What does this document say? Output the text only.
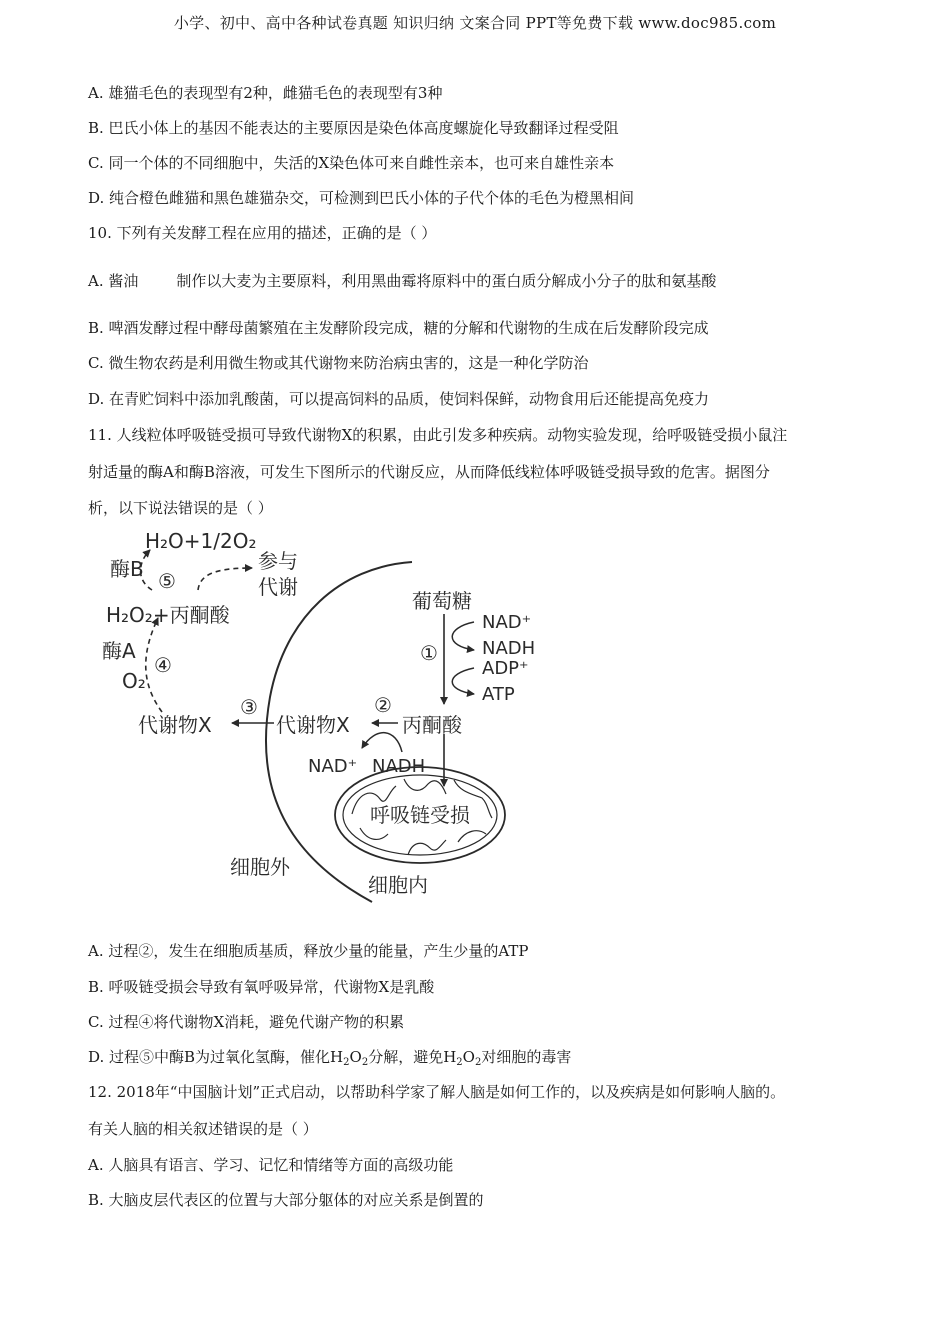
小学、初中、高中各种试卷真题 知识归纳 文案合同 PPT等免费下载 www.doc985.com
A. 雄猫毛色的表现型有2种，雌猫毛色的表现型有3种
B. 巴氏小体上的基因不能表达的主要原因是染色体高度螺旋化导致翻译过程受阻
C. 同一个体的不同细胞中，失活的X染色体可来自雌性亲本，也可来自雄性亲本
D. 纯合橙色雌猫和黑色雄猫杂交，可检测到巴氏小体的子代个体的毛色为橙黑相间
10. 下列有关发酵工程在应用的描述，正确的是（ ）
A. 酱油	制作以大麦为主要原料，利用黑曲霉将原料中的蛋白质分解成小分子的肽和氨基酸
B. 啤酒发酵过程中酵母菌繁殖在主发酵阶段完成，糖的分解和代谢物的生成在后发酵阶段完成
C. 微生物农药是利用微生物或其代谢物来防治病虫害的，这是一种化学防治
D. 在青贮饲料中添加乳酸菌，可以提高饲料的品质，使饲料保鲜，动物食用后还能提高免疫力
11. 人线粒体呼吸链受损可导致代谢物X的积累，由此引发多种疾病。动物实验发现，给呼吸链受损小鼠注
射适量的酶A和酶B溶液，可发生下图所示的代谢反应，从而降低线粒体呼吸链受损导致的危害。据图分
析，以下说法错误的是（ ）
H₂O+1/2O₂
酶B ⑤
参与
代谢
H₂O₂+丙酮酸
酶A
④
O₂
代谢物X
③
代谢物X
②
丙酮酸
NAD⁺ NADH
葡萄糖
①
NAD⁺
NADH
ADP⁺
ATP
呼吸链受损
细胞外
细胞内
A. 过程②，发生在细胞质基质，释放少量的能量，产生少量的ATP
B. 呼吸链受损会导致有氧呼吸异常，代谢物X是乳酸
C. 过程④将代谢物X消耗，避免代谢产物的积累
D. 过程⑤中酶B为过氧化氢酶，催化$H_2O_2$分解，避免$H_2O_2$对细胞的毒害
12. 2018年“中国脑计划”正式启动，以帮助科学家了解人脑是如何工作的，以及疾病是如何影响人脑的。
有关人脑的相关叙述错误的是（ ）
A. 人脑具有语言、学习、记忆和情绪等方面的高级功能
B. 大脑皮层代表区的位置与大部分躯体的对应关系是倒置的
